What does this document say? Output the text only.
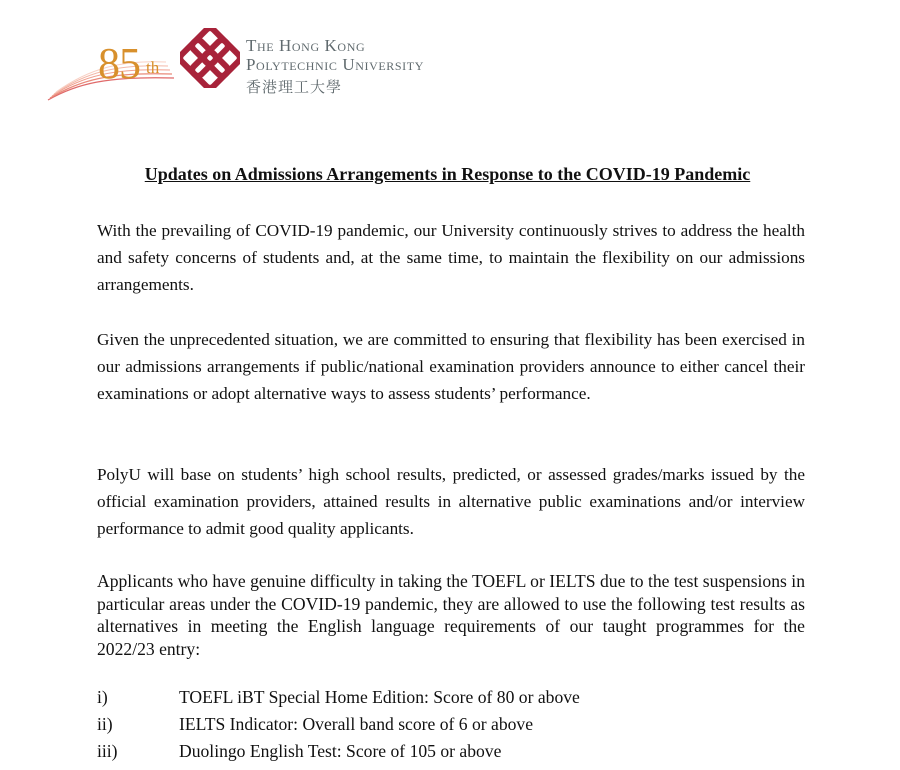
85 th
The Hong Kong
Polytechnic University
香港理工大學
Updates on Admissions Arrangements in Response to the COVID-19 Pandemic

With the prevailing of COVID-19 pandemic, our University continuously strives to address the health and safety concerns of students and, at the same time, to maintain the flexibility on our admissions arrangements.

Given the unprecedented situation, we are committed to ensuring that flexibility has been exercised in our admissions arrangements if public/national examination providers announce to either cancel their examinations or adopt alternative ways to assess students’ performance.

PolyU will base on students’ high school results, predicted, or assessed grades/marks issued by the official examination providers, attained results in alternative public examinations and/or interview performance to admit good quality applicants.

Applicants who have genuine difficulty in taking the TOEFL or IELTS due to the test suspensions in particular areas under the COVID-19 pandemic, they are allowed to use the following test results as alternatives in meeting the English language requirements of our taught programmes for the 2022/23 entry:

i)	TOEFL iBT Special Home Edition: Score of 80 or above
ii)	IELTS Indicator: Overall band score of 6 or above
iii)	Duolingo English Test: Score of 105 or above
